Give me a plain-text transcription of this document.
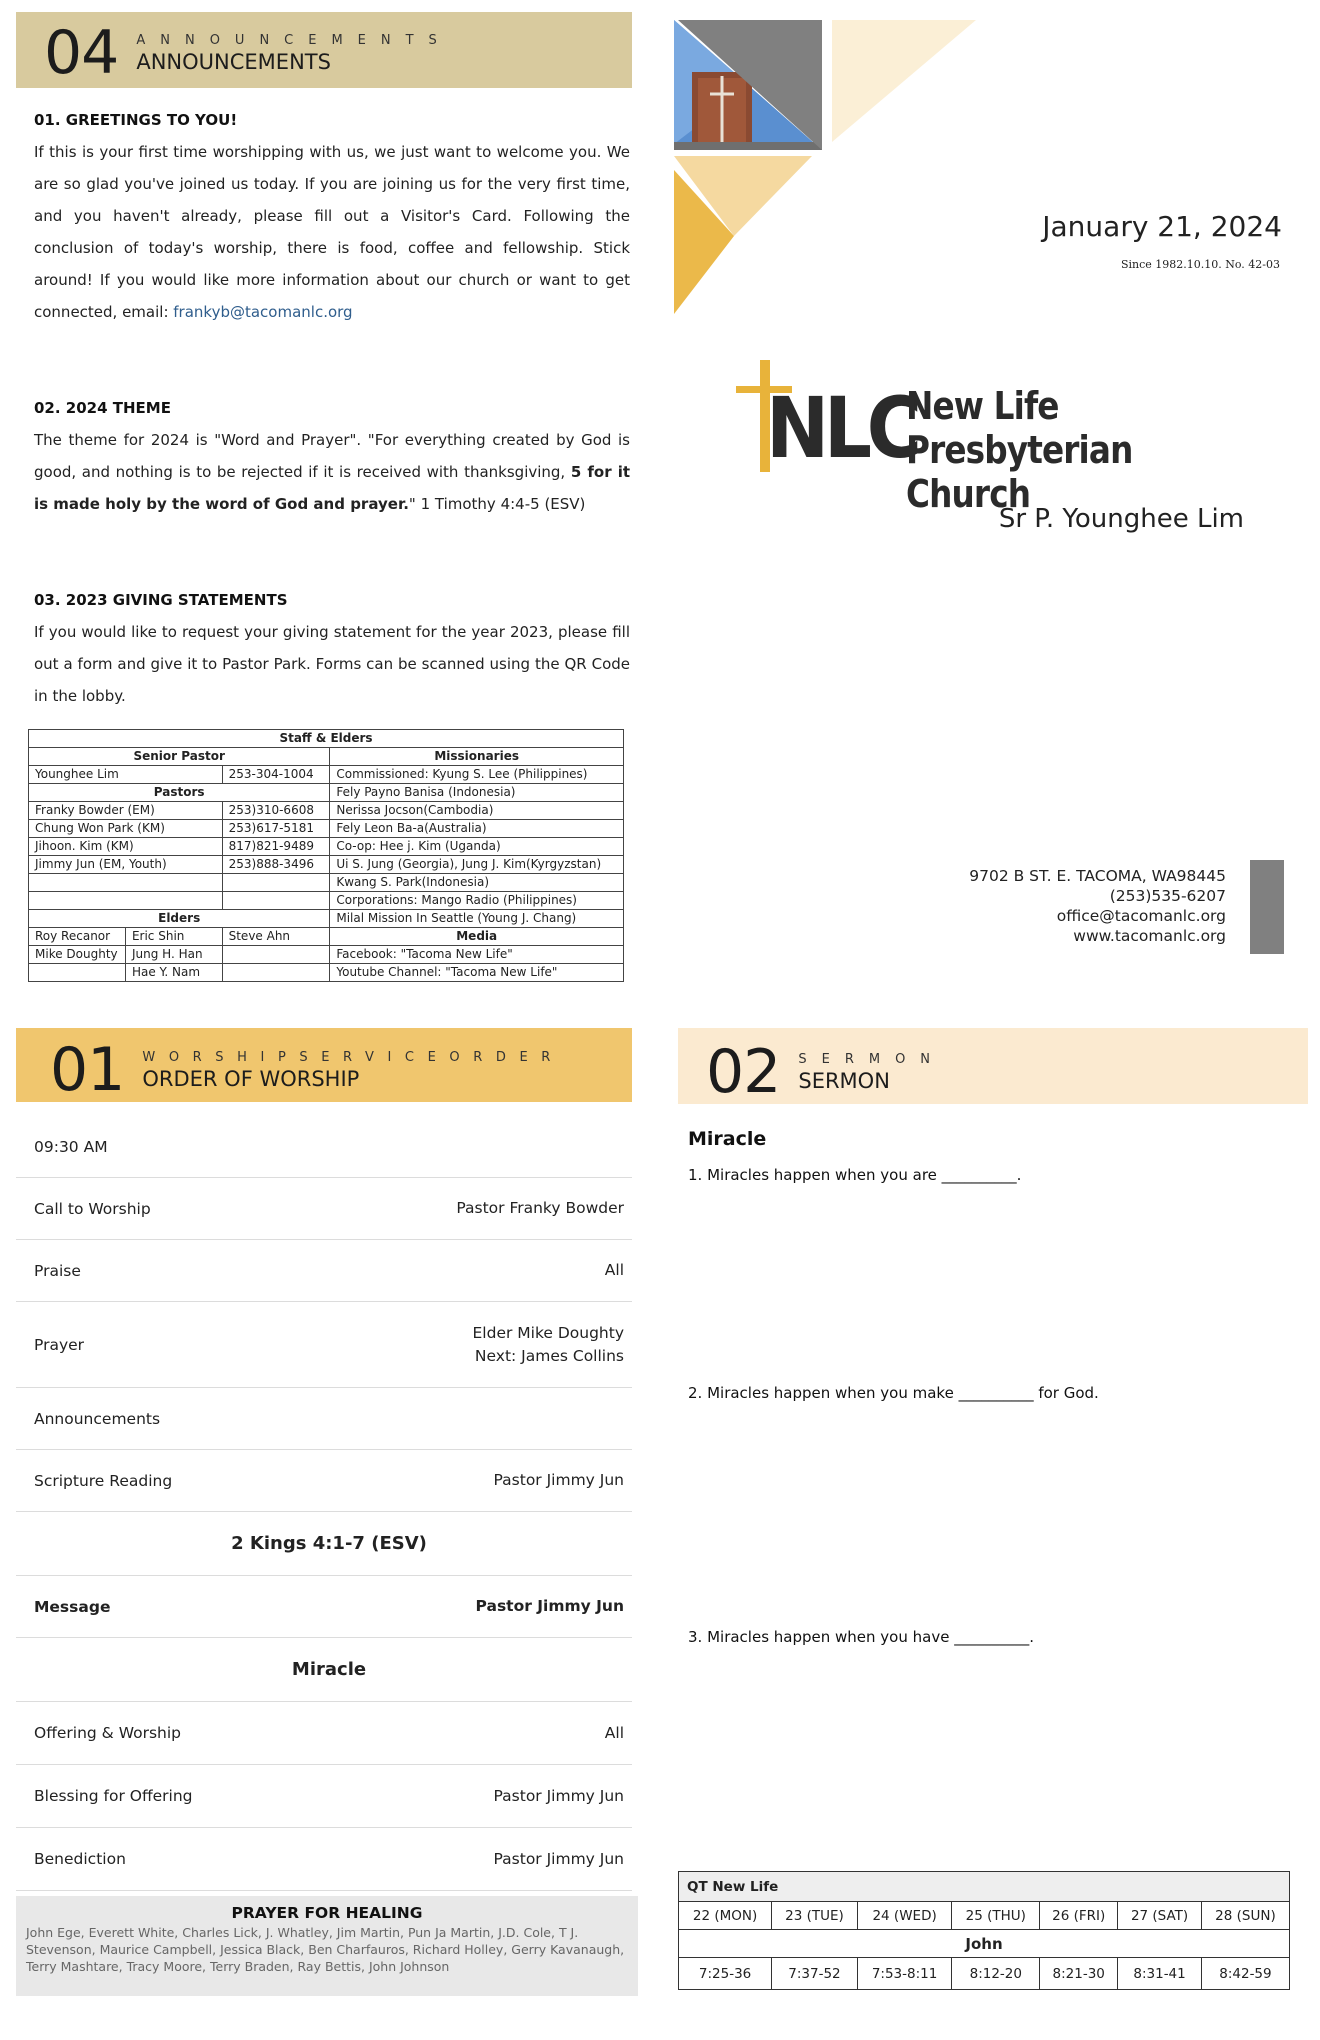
04 ANNOUNCEMENTS
ANNOUNCEMENTS
01. GREETINGS TO YOU!
If this is your first time worshipping with us, we just want to welcome you. We are so glad you've joined us today. If you are joining us for the very first time, and you haven't already, please fill out a Visitor's Card. Following the conclusion of today's worship, there is food, coffee and fellowship. Stick around! If you would like more information about our church or want to get connected, email: frankyb@tacomanlc.org
02. 2024 THEME
The theme for 2024 is "Word and Prayer". "For everything created by God is good, and nothing is to be rejected if it is received with thanksgiving, 5 for it is made holy by the word of God and prayer." 1 Timothy 4:4-5 (ESV)
03. 2023 GIVING STATEMENTS
If you would like to request your giving statement for the year 2023, please fill out a form and give it to Pastor Park. Forms can be scanned using the QR Code in the lobby.
Staff & Elders			
Senior Pastor			Missionaries
Younghee Lim		253-304-1004	Commissioned: Kyung S. Lee (Philippines)
Pastors			Fely Payno Banisa (Indonesia)
Franky Bowder (EM)		253)310-6608	Nerissa Jocson(Cambodia)
Chung Won Park (KM)		253)617-5181	Fely Leon Ba-a(Australia)
Jihoon. Kim (KM)		817)821-9489	Co-op: Hee j. Kim (Uganda)
Jimmy Jun (EM, Youth)		253)888-3496	Ui S. Jung (Georgia), Jung J. Kim(Kyrgyzstan)
			Kwang S. Park(Indonesia)
			Corporations: Mango Radio (Philippines)
Elders			Milal Mission In Seattle (Young J. Chang)
Roy Recanor	Eric Shin	Steve Ahn	Media
Mike Doughty	Jung H. Han		Facebook: "Tacoma New Life"
	Hae Y. Nam		Youtube Channel: "Tacoma New Life"
January 21, 2024
Since 1982.10.10. No. 42-03
NLC
New Life
Presbyterian Church
Sr P. Younghee Lim
9702 B ST. E. TACOMA, WA98445
(253)535-6207
office@tacomanlc.org
www.tacomanlc.org
01 WORSHIPSERVICEORDER
ORDER OF WORSHIP
09:30 AM
Call to Worship	Pastor Franky Bowder
Praise	All
Prayer
Elder Mike Doughty
Next: James Collins
Announcements
Scripture Reading	Pastor Jimmy Jun
2 Kings 4:1-7 (ESV)
Message	Pastor Jimmy Jun
Miracle
Offering & Worship	All
Blessing for Offering	Pastor Jimmy Jun
Benediction	Pastor Jimmy Jun
PRAYER FOR HEALING
John Ege, Everett White, Charles Lick, J. Whatley, Jim Martin, Pun Ja Martin, J.D. Cole, T J. Stevenson, Maurice Campbell, Jessica Black, Ben Charfauros, Richard Holley, Gerry Kavanaugh, Terry Mashtare, Tracy Moore, Terry Braden, Ray Bettis, John Johnson
02 SERMON
SERMON
Miracle
1. Miracles happen when you are __________.
2. Miracles happen when you make __________ for God.
3. Miracles happen when you have __________.
QT New Life						
22 (MON)	23 (TUE)	24 (WED)	25 (THU)	26 (FRI)	27 (SAT)	28 (SUN)
John						
7:25-36	7:37-52	7:53-8:11	8:12-20	8:21-30	8:31-41	8:42-59
